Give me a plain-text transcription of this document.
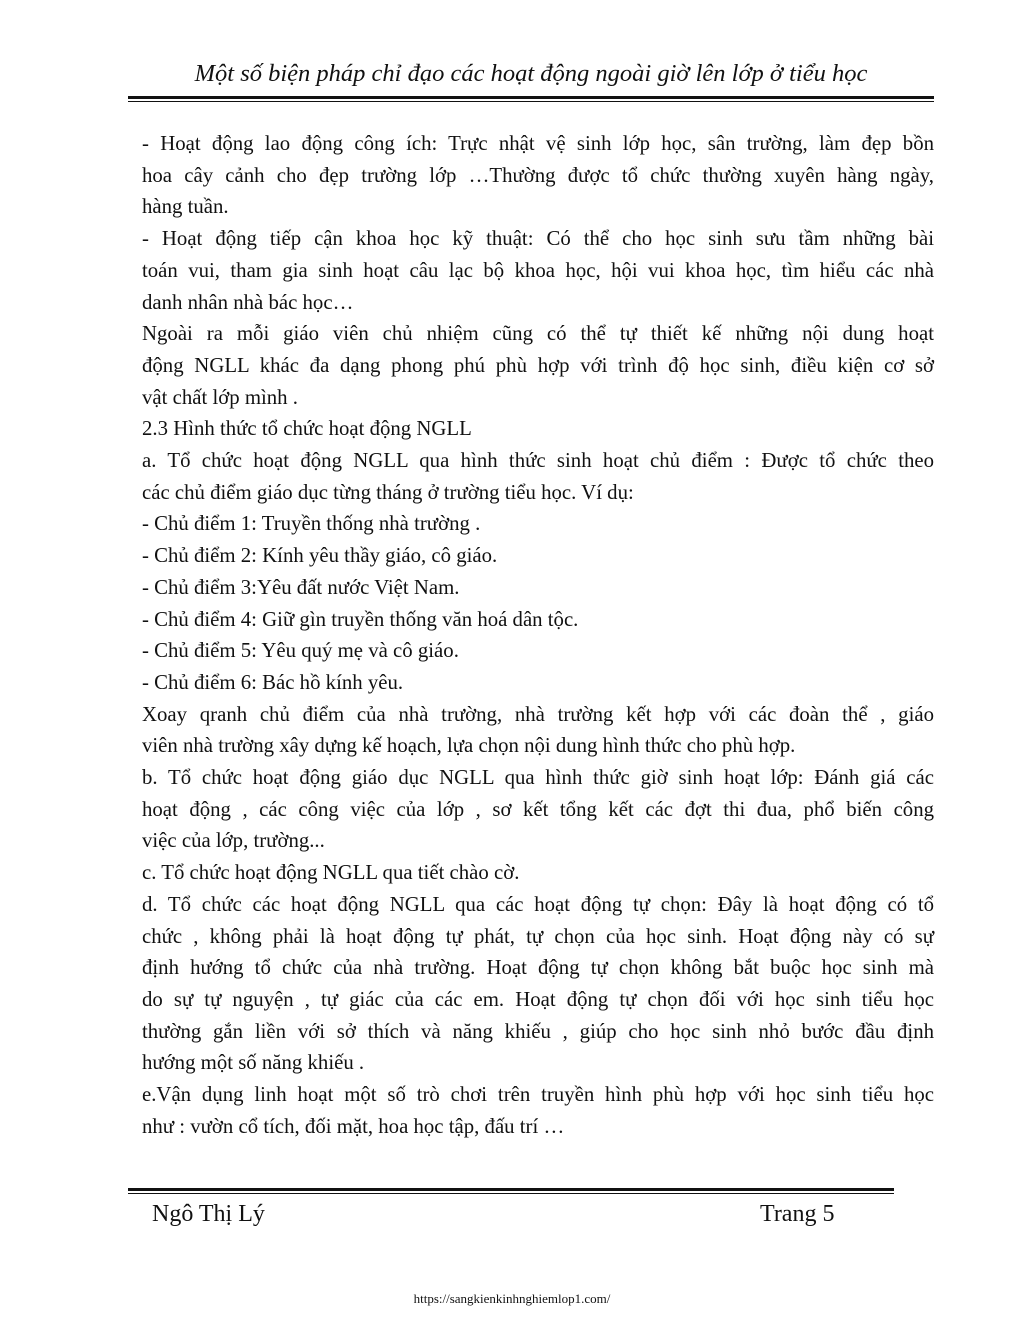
Một số biện pháp chỉ đạo các hoạt động ngoài giờ lên lớp ở tiểu học

- Hoạt động lao động công ích: Trực nhật vệ sinh lớp học, sân trường, làm đẹp bồn

hoa cây cảnh cho đẹp trường lớp …Thường được tổ chức thường xuyên hàng ngày,

hàng tuần.

- Hoạt động tiếp cận khoa học kỹ thuật: Có thể cho học sinh sưu tầm những bài

toán vui, tham gia sinh hoạt câu lạc bộ khoa học, hội vui khoa học, tìm hiểu các nhà

danh nhân nhà bác học…

Ngoài ra mỗi giáo viên chủ nhiệm cũng có thể tự thiết kế những nội dung hoạt

động NGLL khác đa dạng phong phú phù hợp với trình độ học sinh, điều kiện cơ sở

vật chất lớp mình .

2.3 Hình thức tổ chức hoạt động NGLL

a. Tổ chức hoạt động NGLL qua hình thức sinh hoạt chủ điểm : Được tổ chức theo

các chủ điểm giáo dục từng tháng ở trường tiểu học. Ví dụ:

- Chủ điểm 1: Truyền thống nhà trường .

- Chủ điểm 2: Kính yêu thầy giáo, cô giáo.

- Chủ điểm 3:Yêu đất nước Việt Nam.

- Chủ điểm 4: Giữ gìn truyền thống văn hoá dân tộc.

- Chủ điểm 5: Yêu quý mẹ và cô giáo.

- Chủ điểm 6: Bác hồ kính yêu.

Xoay qranh chủ điểm của nhà trường, nhà trường kết hợp với các đoàn thể , giáo

viên nhà trường xây dựng kế hoạch, lựa chọn nội dung hình thức cho phù hợp.

b. Tổ chức hoạt động giáo dục NGLL qua hình thức giờ sinh hoạt lớp: Đánh giá các

hoạt động , các công việc của lớp , sơ kết tổng kết các đợt thi đua, phổ biến công

việc của lớp, trường...

c. Tổ chức hoạt động NGLL qua tiết chào cờ.

d. Tổ chức các hoạt động NGLL qua các hoạt động tự chọn: Đây là hoạt động có tổ

chức , không phải là hoạt động tự phát, tự chọn của học sinh. Hoạt động này có sự

định hướng tổ chức của nhà trường. Hoạt động tự chọn không bắt buộc học sinh mà

do sự tự nguyện , tự giác của các em. Hoạt động tự chọn đối với học sinh tiểu học

thường gắn liền với sở thích và năng khiếu , giúp cho học sinh nhỏ bước đầu định

hướng một số năng khiếu .

e.Vận dụng linh hoạt một số trò chơi trên truyền hình phù hợp với học sinh tiểu học

như : vườn cổ tích, đối mặt, hoa học tập, đấu trí …

Ngô Thị Lý	Trang 5
https://sangkienkinhnghiemlop1.com/
